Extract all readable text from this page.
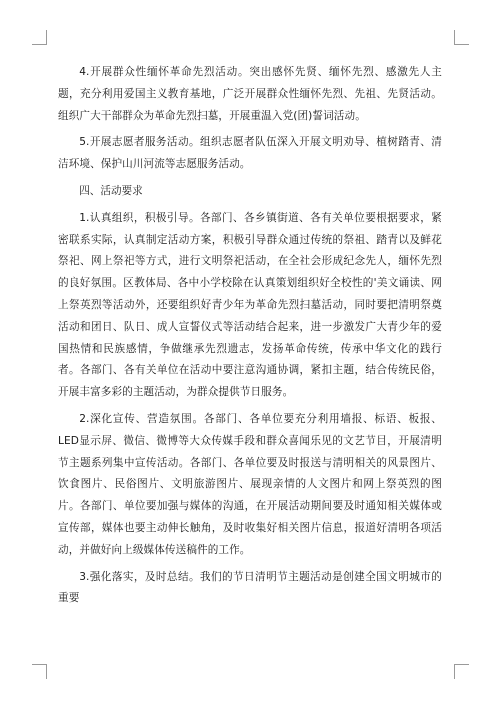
4.开展群众性缅怀革命先烈活动。突出感怀先贤、缅怀先烈、感激先人主题，充分利用爱国主义教育基地，广泛开展群众性缅怀先烈、先祖、先贤活动。组织广大干部群众为革命先烈扫墓，开展重温入党(团)誓词活动。

5.开展志愿者服务活动。组织志愿者队伍深入开展文明劝导、植树踏青、清洁环境、保护山川河流等志愿服务活动。

四、活动要求

1.认真组织，积极引导。各部门、各乡镇街道、各有关单位要根据要求，紧密联系实际，认真制定活动方案，积极引导群众通过传统的祭祖、踏青以及鲜花祭祀、网上祭祀等方式，进行文明祭祀活动，在全社会形成纪念先人，缅怀先烈的良好氛围。区教体局、各中小学校除在认真策划组织好全校性的'美文诵读、网上祭英烈等活动外，还要组织好青少年为革命先烈扫墓活动，同时要把清明祭奠活动和团日、队日、成人宣誓仪式等活动结合起来，进一步激发广大青少年的爱国热情和民族感情，争做继承先烈遗志，发扬革命传统，传承中华文化的践行者。各部门、各有关单位在活动中要注意沟通协调，紧扣主题，结合传统民俗，开展丰富多彩的主题活动，为群众提供节日服务。

2.深化宣传、营造氛围。各部门、各单位要充分利用墙报、标语、板报、LED显示屏、微信、微博等大众传媒手段和群众喜闻乐见的文艺节目，开展清明节主题系列集中宣传活动。各部门、各单位要及时报送与清明相关的风景图片、饮食图片、民俗图片、文明旅游图片、展现亲情的人文图片和网上祭英烈的图片。各部门、单位要加强与媒体的沟通，在开展活动期间要及时通知相关媒体或宣传部，媒体也要主动伸长触角，及时收集好相关图片信息，报道好清明各项活动，并做好向上级媒体传送稿件的工作。

3.强化落实，及时总结。我们的节日清明节主题活动是创建全国文明城市的重要
